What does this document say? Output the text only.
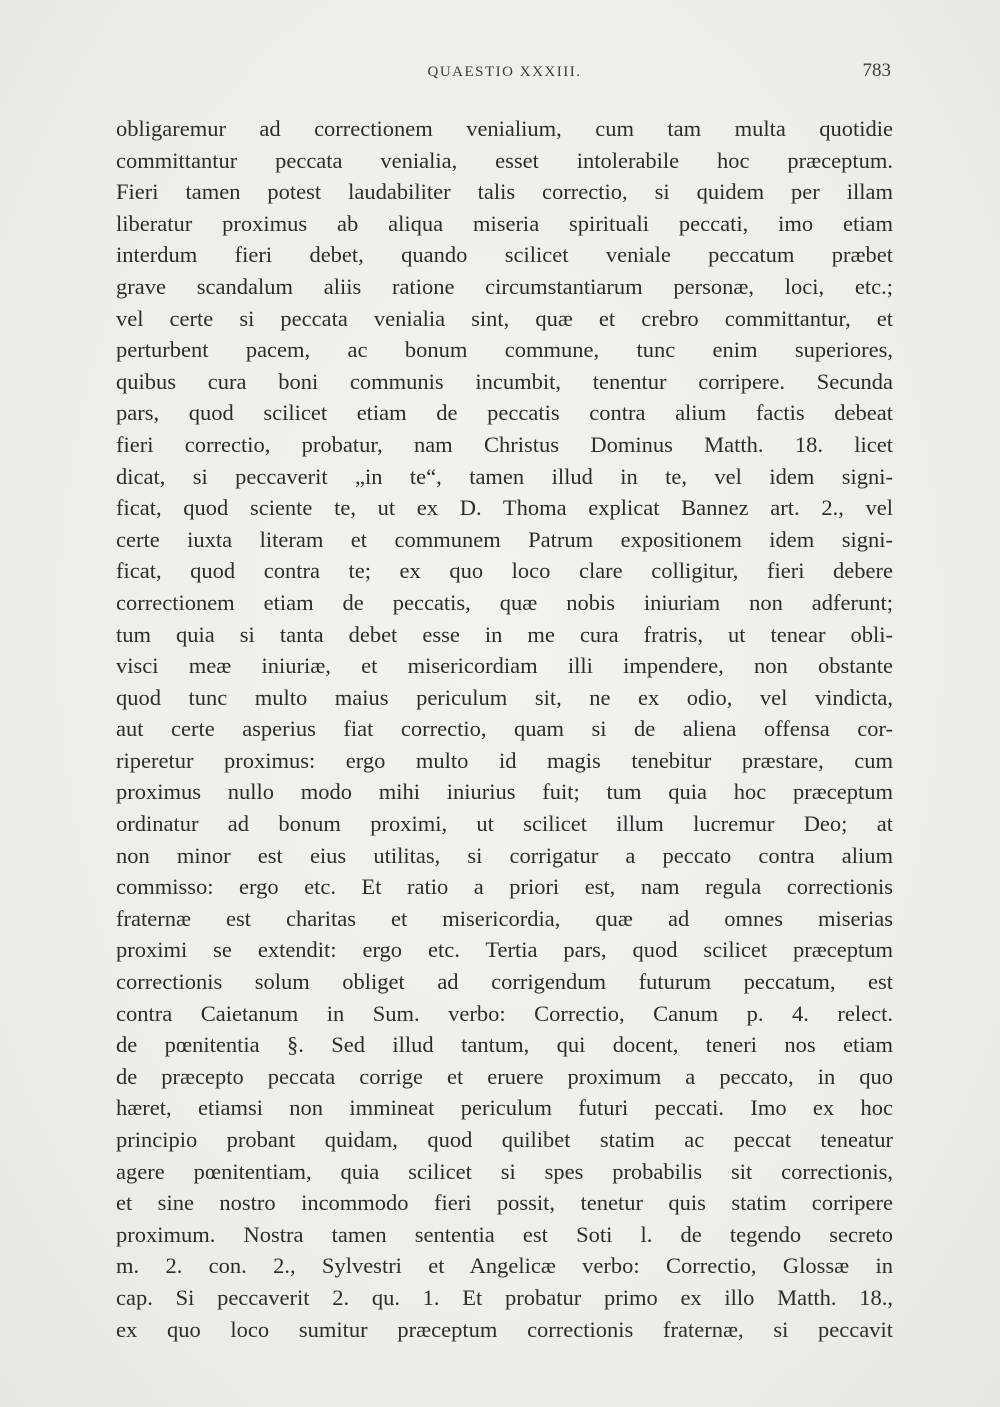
QUAESTIO XXXIII.	783
obligaremur ad correctionem venialium, cum tam multa quotidie
committantur peccata venialia, esset intolerabile hoc præceptum.
Fieri tamen potest laudabiliter talis correctio, si quidem per illam
liberatur proximus ab aliqua miseria spirituali peccati, imo etiam
interdum fieri debet, quando scilicet veniale peccatum præbet
grave scandalum aliis ratione circumstantiarum personæ, loci, etc.;
vel certe si peccata venialia sint, quæ et crebro committantur, et
perturbent pacem, ac bonum commune, tunc enim superiores,
quibus cura boni communis incumbit, tenentur corripere. Secunda
pars, quod scilicet etiam de peccatis contra alium factis debeat
fieri correctio, probatur, nam Christus Dominus Matth. 18. licet
dicat, si peccaverit „in te“, tamen illud in te, vel idem signi-
ficat, quod sciente te, ut ex D. Thoma explicat Bannez art. 2., vel
certe iuxta literam et communem Patrum expositionem idem signi-
ficat, quod contra te; ex quo loco clare colligitur, fieri debere
correctionem etiam de peccatis, quæ nobis iniuriam non adferunt;
tum quia si tanta debet esse in me cura fratris, ut tenear obli-
visci meæ iniuriæ, et misericordiam illi impendere, non obstante
quod tunc multo maius periculum sit, ne ex odio, vel vindicta,
aut certe asperius fiat correctio, quam si de aliena offensa cor-
riperetur proximus: ergo multo id magis tenebitur præstare, cum
proximus nullo modo mihi iniurius fuit; tum quia hoc præceptum
ordinatur ad bonum proximi, ut scilicet illum lucremur Deo; at
non minor est eius utilitas, si corrigatur a peccato contra alium
commisso: ergo etc. Et ratio a priori est, nam regula correctionis
fraternæ est charitas et misericordia, quæ ad omnes miserias
proximi se extendit: ergo etc. Tertia pars, quod scilicet præceptum
correctionis solum obliget ad corrigendum futurum peccatum, est
contra Caietanum in Sum. verbo: Correctio, Canum p. 4. relect.
de pœnitentia §. Sed illud tantum, qui docent, teneri nos etiam
de præcepto peccata corrige et eruere proximum a peccato, in quo
hæret, etiamsi non immineat periculum futuri peccati. Imo ex hoc
principio probant quidam, quod quilibet statim ac peccat teneatur
agere pœnitentiam, quia scilicet si spes probabilis sit correctionis,
et sine nostro incommodo fieri possit, tenetur quis statim corripere
proximum. Nostra tamen sententia est Soti l. de tegendo secreto
m. 2. con. 2., Sylvestri et Angelicæ verbo: Correctio, Glossæ in
cap. Si peccaverit 2. qu. 1. Et probatur primo ex illo Matth. 18.,
ex quo loco sumitur præceptum correctionis fraternæ, si peccavit
